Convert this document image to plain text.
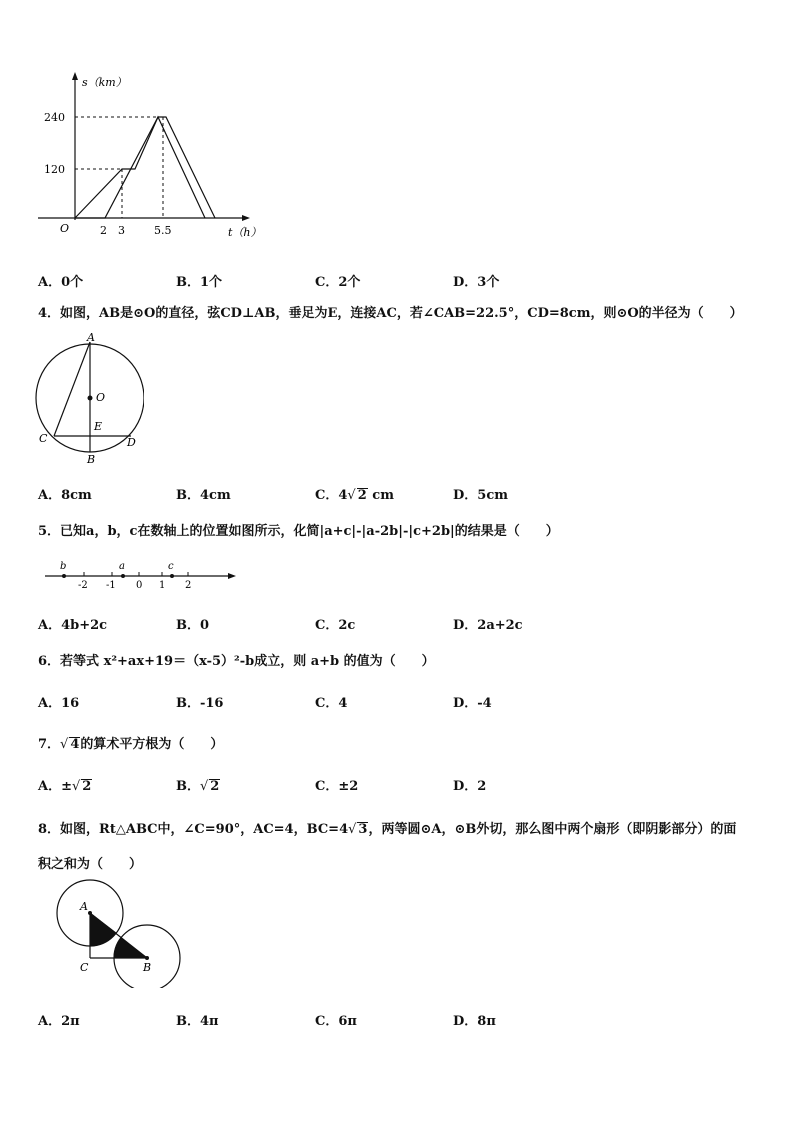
s（km）
t（h）
O
240
120
2 3	5.5
A．0个	B．1个	C．2个	D．3个
4．如图，AB是⊙O的直径，弦CD⊥AB，垂足为E，连接AC，若∠CAB=22.5°，CD=8cm，则⊙O的半径为（　　）
A
O
E
C	D
B
A．8cm	B．4cm	C．4√ 2 cm	D．5cm
5．已知a，b，c在数轴上的位置如图所示，化简|a+c|-|a-2b|-|c+2b|的结果是（　　）
b	a	c
-2 -1 0 1 2
A．4b+2c	B．0	C．2c	D．2a+2c
6．若等式 x²+ax+19＝（x-5）²-b成立，则 a+b 的值为（　　）
A．16	B．-16	C．4	D．-4
7．√ 4的算术平方根为（　　）
A．±√ 2	B．√ 2	C．±2	D．2
8．如图，Rt△ABC中，∠C=90°，AC=4，BC=4√ 3，两等圆⊙A，⊙B外切，那么图中两个扇形（即阴影部分）的面
积之和为（　　）
A
C	B
A．2π	B．4π	C．6π	D．8π
